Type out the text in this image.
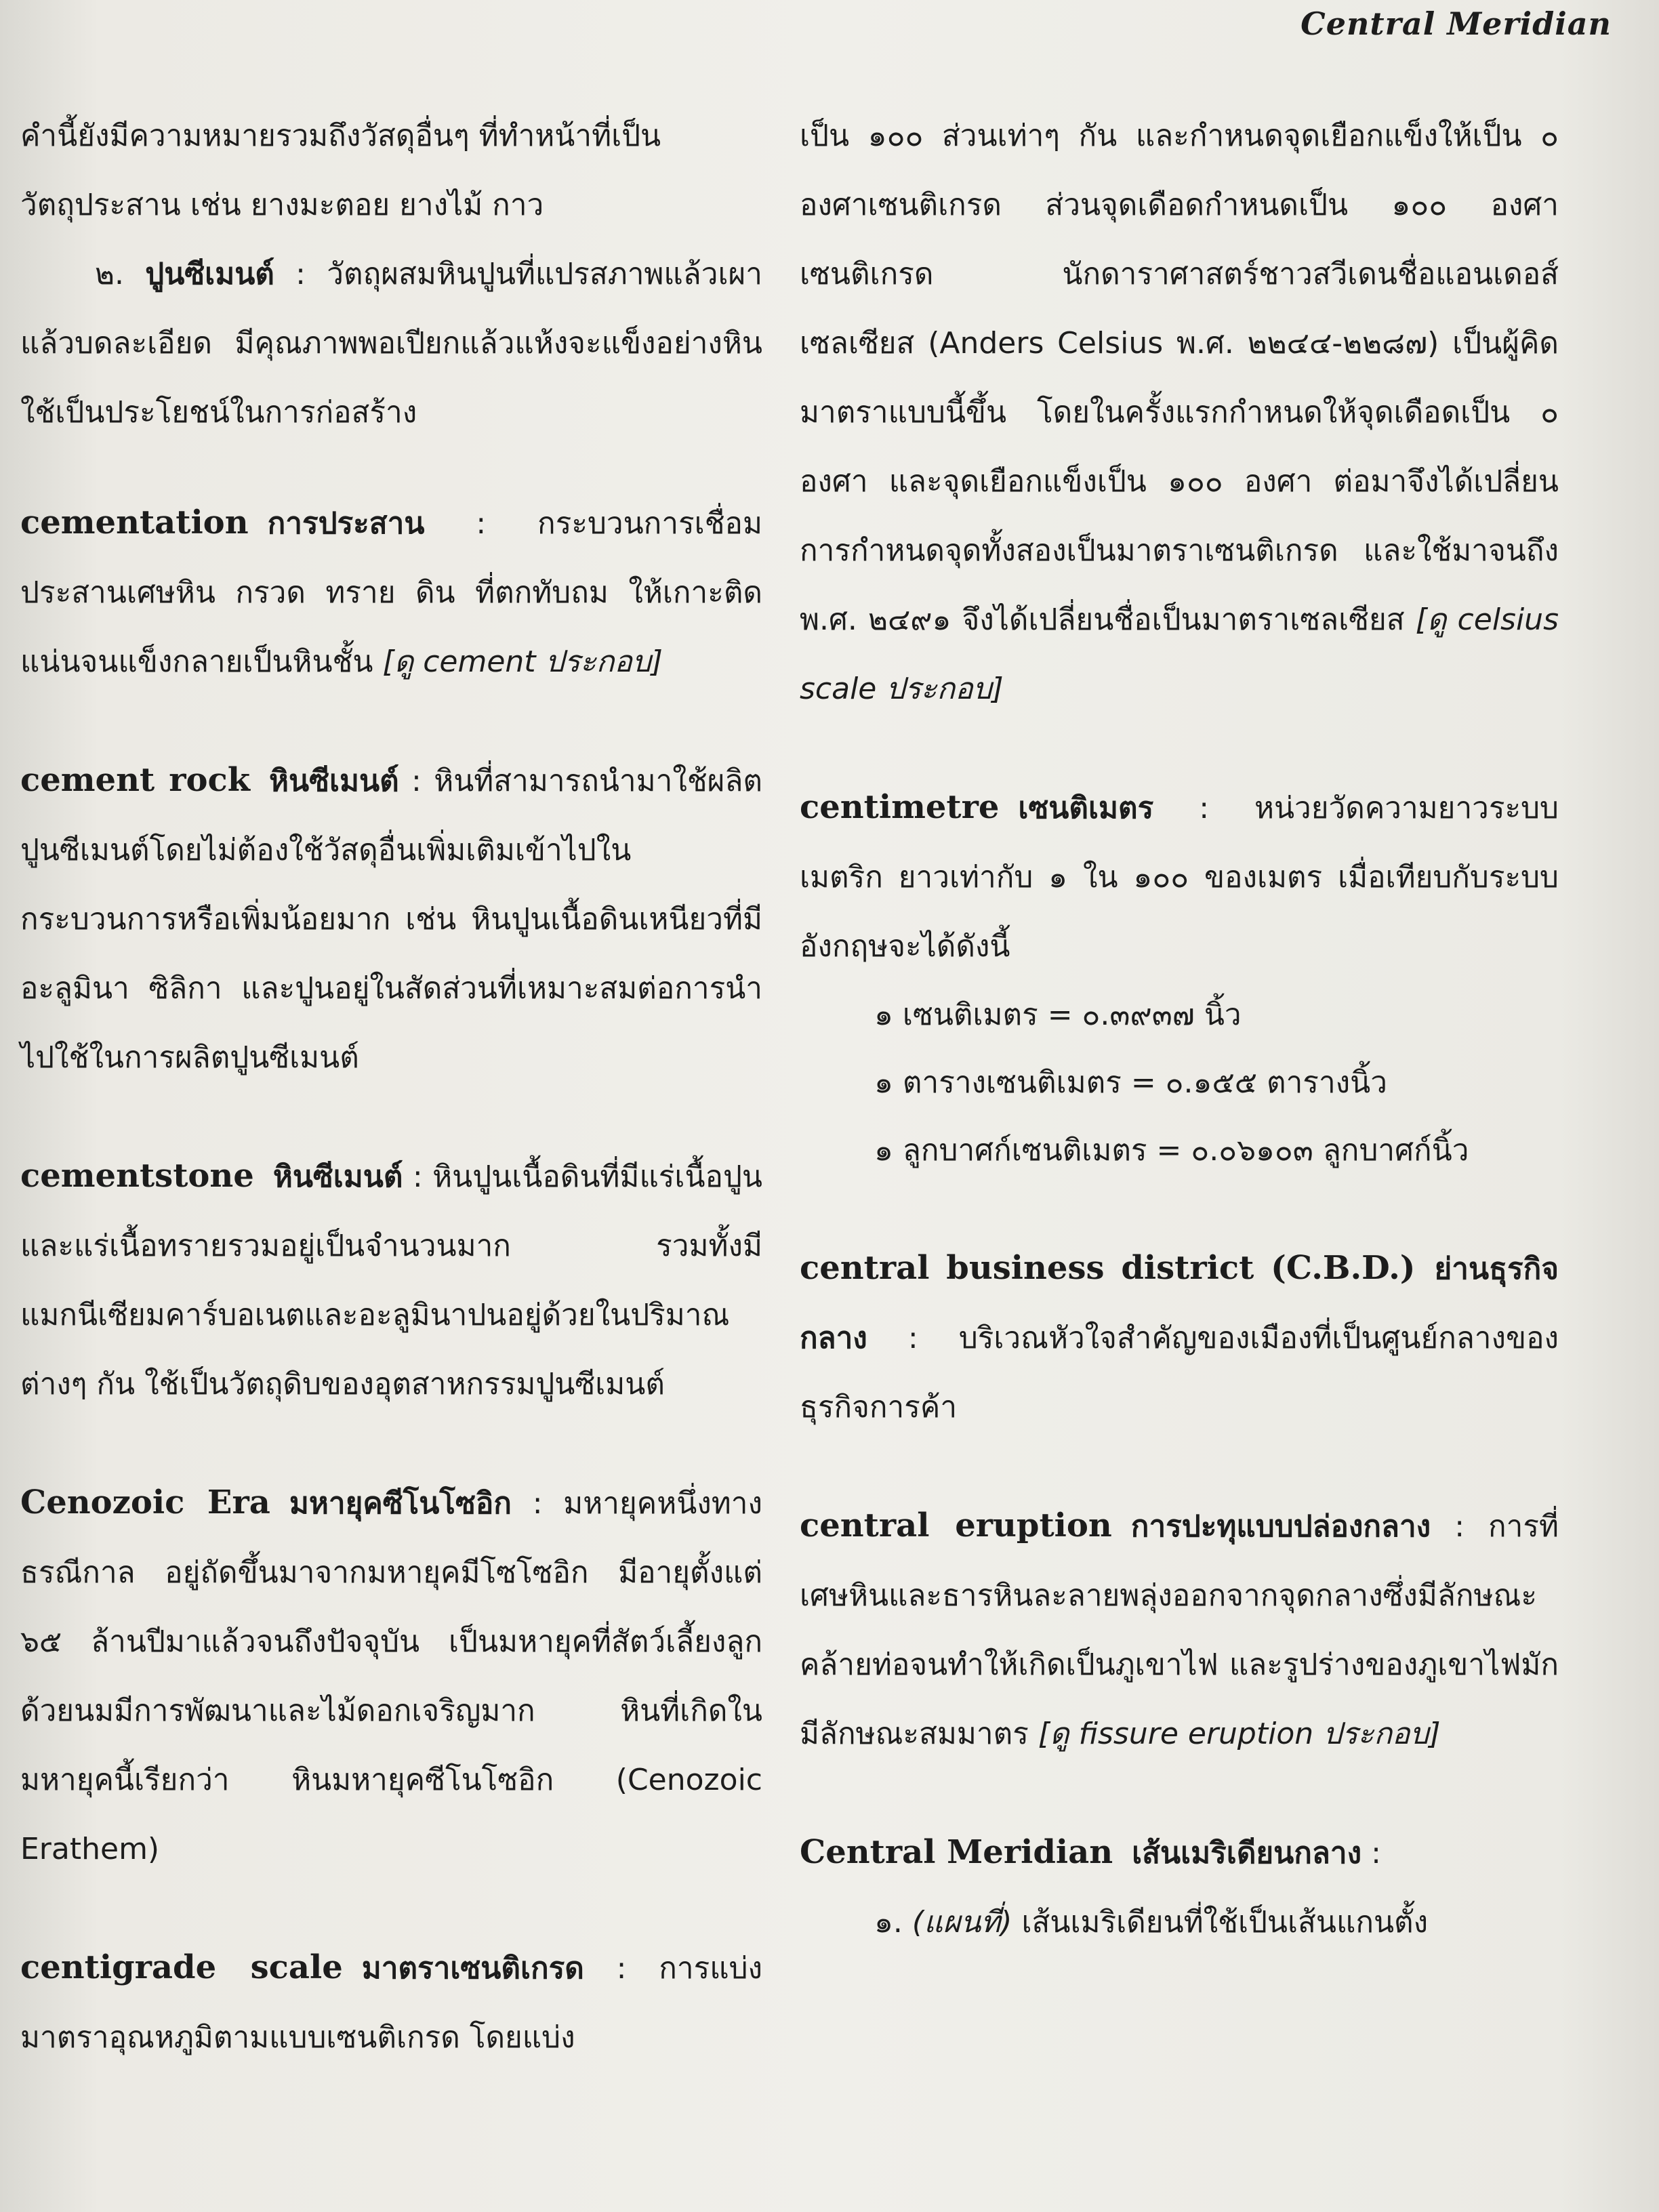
Central Meridian

คำนี้ยังมีความหมายรวมถึงวัสดุอื่นๆ ที่ทำหน้าที่เป็น

วัตถุประสาน เช่น ยางมะตอย ยางไม้ กาว

๒. ปูนซีเมนต์ : วัตถุผสมหินปูนที่แปรสภาพแล้วเผาแล้วบดละเอียด มีคุณภาพพอเปียกแล้วแห้งจะแข็งอย่างหิน ใช้เป็นประโยชน์ในการก่อสร้าง

cementation การประสาน : กระบวนการเชื่อมประสานเศษหิน กรวด ทราย ดิน ที่ตกทับถม ให้เกาะติดแน่นจนแข็งกลายเป็นหินชั้น [ดู cement ประกอบ]

cement rock หินซีเมนต์ : หินที่สามารถนำมาใช้ผลิตปูนซีเมนต์โดยไม่ต้องใช้วัสดุอื่นเพิ่มเติมเข้าไปในกระบวนการหรือเพิ่มน้อยมาก เช่น หินปูนเนื้อดินเหนียวที่มีอะลูมินา ซิลิกา และปูนอยู่ในสัดส่วนที่เหมาะสมต่อการนำไปใช้ในการผลิตปูนซีเมนต์

cementstone หินซีเมนต์ : หินปูนเนื้อดินที่มีแร่เนื้อปูนและแร่เนื้อทรายรวมอยู่เป็นจำนวนมาก รวมทั้งมีแมกนีเซียมคาร์บอเนตและอะลูมินาปนอยู่ด้วยในปริมาณต่างๆ กัน ใช้เป็นวัตถุดิบของอุตสาหกรรมปูนซีเมนต์

Cenozoic Era มหายุคซีโนโซอิก : มหายุคหนึ่งทางธรณีกาล อยู่ถัดขึ้นมาจากมหายุคมีโซโซอิก มีอายุตั้งแต่ ๖๕ ล้านปีมาแล้วจนถึงปัจจุบัน เป็นมหายุคที่สัตว์เลี้ยงลูกด้วยนมมีการพัฒนาและไม้ดอกเจริญมาก หินที่เกิดในมหายุคนี้เรียกว่า หินมหายุคซีโนโซอิก (Cenozoic Erathem)

centigrade scale มาตราเซนติเกรด : การแบ่งมาตราอุณหภูมิตามแบบเซนติเกรด โดยแบ่ง

เป็น ๑๐๐ ส่วนเท่าๆ กัน และกำหนดจุดเยือกแข็งให้เป็น ๐ องศาเซนติเกรด ส่วนจุดเดือดกำหนดเป็น ๑๐๐ องศาเซนติเกรด นักดาราศาสตร์ชาวสวีเดนชื่อแอนเดอส์ เซลเซียส (Anders Celsius พ.ศ. ๒๒๔๔-๒๒๘๗) เป็นผู้คิดมาตราแบบนี้ขึ้น โดยในครั้งแรกกำหนดให้จุดเดือดเป็น ๐ องศา และจุดเยือกแข็งเป็น ๑๐๐ องศา ต่อมาจึงได้เปลี่ยนการกำหนดจุดทั้งสองเป็นมาตราเซนติเกรด และใช้มาจนถึง พ.ศ. ๒๔๙๑ จึงได้เปลี่ยนชื่อเป็นมาตราเซลเซียส [ดู celsius scale ประกอบ]

centimetre เซนติเมตร : หน่วยวัดความยาวระบบเมตริก ยาวเท่ากับ ๑ ใน ๑๐๐ ของเมตร เมื่อเทียบกับระบบอังกฤษจะได้ดังนี้

๑ เซนติเมตร = ๐.๓๙๓๗ นิ้ว
๑ ตารางเซนติเมตร = ๐.๑๕๕ ตารางนิ้ว
๑ ลูกบาศก์เซนติเมตร = ๐.๐๖๑๐๓ ลูกบาศก์นิ้ว

central business district (C.B.D.) ย่านธุรกิจกลาง : บริเวณหัวใจสำคัญของเมืองที่เป็นศูนย์กลางของธุรกิจการค้า

central eruption การปะทุแบบปล่องกลาง : การที่เศษหินและธารหินละลายพลุ่งออกจากจุดกลางซึ่งมีลักษณะคล้ายท่อจนทำให้เกิดเป็นภูเขาไฟ และรูปร่างของภูเขาไฟมักมีลักษณะสมมาตร [ดู fissure eruption ประกอบ]

Central Meridian เส้นเมริเดียนกลาง :

๑. (แผนที่) เส้นเมริเดียนที่ใช้เป็นเส้นแกนตั้ง
